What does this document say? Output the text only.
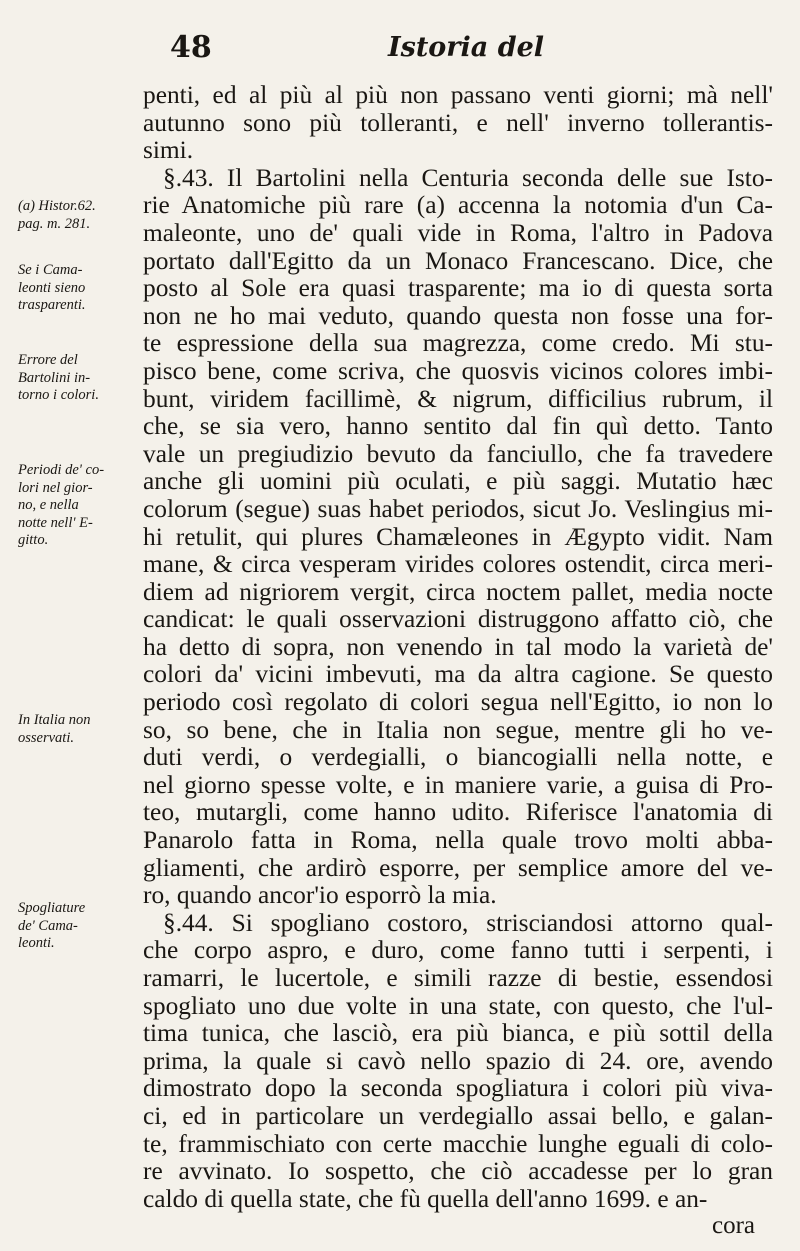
48	Istoria del
(a) Histor.62.
pag. m. 281.
Se i Cama-
leonti sieno
trasparenti.
Errore del
Bartolini in-
torno i colori.
Periodi de' co-
lori nel gior-
no, e nella
notte nell' E-
gitto.
In Italia non
osservati.
Spogliature
de' Cama-
leonti.
penti, ed al più al più non passano venti giorni; mà nell'
autunno sono più tolleranti, e nell' inverno tollerantis-
simi.
§.43. Il Bartolini nella Centuria seconda delle sue Isto-
rie Anatomiche più rare (a) accenna la notomia d'un Ca-
maleonte, uno de' quali vide in Roma, l'altro in Padova
portato dall'Egitto da un Monaco Francescano. Dice, che
posto al Sole era quasi trasparente; ma io di questa sorta
non ne ho mai veduto, quando questa non fosse una for-
te espressione della sua magrezza, come credo. Mi stu-
pisco bene, come scriva, che quosvis vicinos colores imbi-
bunt, viridem facillimè, & nigrum, difficilius rubrum, il
che, se sia vero, hanno sentito dal fin quì detto. Tanto
vale un pregiudizio bevuto da fanciullo, che fa travedere
anche gli uomini più oculati, e più saggi. Mutatio hæc
colorum (segue) suas habet periodos, sicut Jo. Veslingius mi-
hi retulit, qui plures Chamæleones in Ægypto vidit. Nam
mane, & circa vesperam virides colores ostendit, circa meri-
diem ad nigriorem vergit, circa noctem pallet, media nocte
candicat: le quali osservazioni distruggono affatto ciò, che
ha detto di sopra, non venendo in tal modo la varietà de'
colori da' vicini imbevuti, ma da altra cagione. Se questo
periodo così regolato di colori segua nell'Egitto, io non lo
so, so bene, che in Italia non segue, mentre gli ho ve-
duti verdi, o verdegialli, o biancogialli nella notte, e
nel giorno spesse volte, e in maniere varie, a guisa di Pro-
teo, mutargli, come hanno udito. Riferisce l'anatomia di
Panarolo fatta in Roma, nella quale trovo molti abba-
gliamenti, che ardirò esporre, per semplice amore del ve-
ro, quando ancor'io esporrò la mia.
§.44. Si spogliano costoro, strisciandosi attorno qual-
che corpo aspro, e duro, come fanno tutti i serpenti, i
ramarri, le lucertole, e simili razze di bestie, essendosi
spogliato uno due volte in una state, con questo, che l'ul-
tima tunica, che lasciò, era più bianca, e più sottil della
prima, la quale si cavò nello spazio di 24. ore, avendo
dimostrato dopo la seconda spogliatura i colori più viva-
ci, ed in particolare un verdegiallo assai bello, e galan-
te, frammischiato con certe macchie lunghe eguali di colo-
re avvinato. Io sospetto, che ciò accadesse per lo gran
caldo di quella state, che fù quella dell'anno 1699. e an-
cora
